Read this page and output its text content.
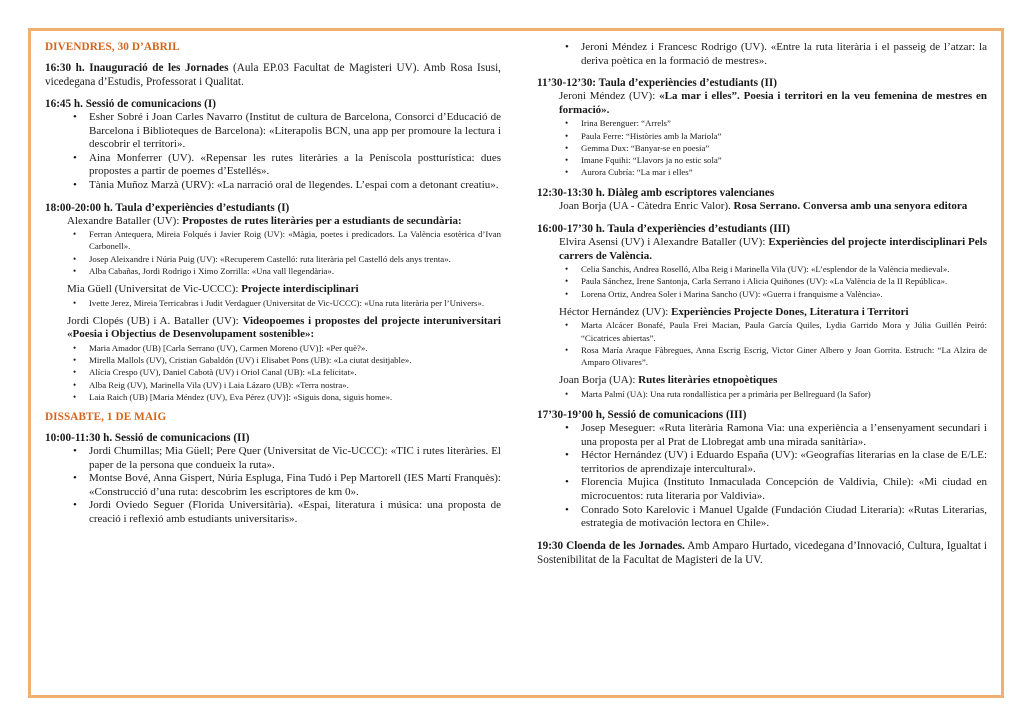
DIVENDRES, 30 D’ABRIL
16:30 h. Inauguració de les Jornades (Aula EP.03 Facultat de Magisteri UV). Amb Rosa Isusi, vicedegana d’Estudis, Professorat i Qualitat.
16:45 h. Sessió de comunicacions (I)
• Esher Sobré i Joan Carles Navarro (Institut de cultura de Barcelona, Consorci d’Educació de Barcelona i Biblioteques de Barcelona): «Literapolis BCN, una app per promoure la lectura i descobrir el territori».
• Aina Monferrer (UV). «Repensar les rutes literàries a la Peníscola postturística: dues propostes a partir de poemes d’Estellés».
• Tània Muñoz Marzà (URV): «La narració oral de llegendes. L’espai com a detonant creatiu».
18:00-20:00 h. Taula d’experiències d’estudiants (I)
Alexandre Bataller (UV): Propostes de rutes literàries per a estudiants de secundària:
• Ferran Antequera, Mireia Folqués i Javier Roig (UV): «Màgia, poetes i predicadors. La València esotèrica d’Ivan Carbonell».
• Josep Aleixandre i Núria Puig (UV): «Recuperem Castelló: ruta literària pel Castelló dels anys trenta».
• Alba Cabañas, Jordi Rodrigo i Ximo Zorrilla: «Una vall llegendària».
Mia Güell (Universitat de Vic-UCCC): Projecte interdisciplinari
• Ivette Jerez, Mireia Terricabras i Judit Verdaguer (Universitat de Vic-UCCC): «Una ruta literària per l’Univers».
Jordi Clopés (UB) i A. Bataller (UV): Videopoemes i propostes del projecte interuniversitari «Poesia i Objectius de Desenvolupament sostenible»:
• Maria Amador (UB) [Carla Serrano (UV), Carmen Moreno (UV)]: «Per què?».
• Mirella Mallols (UV), Cristian Gabaldón (UV) i Elisabet Pons (UB): «La ciutat desitjable».
• Alícia Crespo (UV), Daniel Cabotà (UV) i Oriol Canal (UB): «La felicitat».
• Alba Reig (UV), Marinella Vila (UV) i Laia Lázaro (UB): «Terra nostra».
• Laia Raich (UB) [Maria Méndez (UV), Eva Pérez (UV)]: «Siguis dona, siguis home».
DISSABTE, 1 DE MAIG
10:00-11:30 h. Sessió de comunicacions (II)
• Jordi Chumillas; Mia Güell; Pere Quer (Universitat de Vic-UCCC): «TIC i rutes literàries. El paper de la persona que condueix la ruta».
• Montse Bové, Anna Gispert, Núria Espluga, Fina Tudó i Pep Martorell (IES Martí Franquès): «Construcció d’una ruta: descobrim les escriptores de km 0».
• Jordi Oviedo Seguer (Florida Universitària). «Espai, literatura i música: una proposta de creació i reflexió amb estudiants universitaris».
• Jeroni Méndez i Francesc Rodrigo (UV). «Entre la ruta literària i el passeig de l’atzar: la deriva poètica en la formació de mestres».
11’30-12’30: Taula d’experiències d’estudiants (II)
Jeroni Méndez (UV): «La mar i elles”. Poesia i territori en la veu femenina de mestres en formació».
• Irina Berenguer: “Arrels”
• Paula Ferre: “Històries amb la Mariola”
• Gemma Dux: “Banyar-se en poesia”
• Imane Fquihi: “Llavors ja no estic sola”
• Aurora Cubría: “La mar i elles”
12:30-13:30 h. Diàleg amb escriptores valencianes
Joan Borja (UA - Càtedra Enric Valor). Rosa Serrano. Conversa amb una senyora editora
16:00-17’30 h. Taula d’experiències d’estudiants (III)
Elvira Asensi (UV) i Alexandre Bataller (UV): Experiències del projecte interdisciplinari Pels carrers de València.
• Celia Sanchis, Andrea Roselló, Alba Reig i Marinella Vila (UV): «L’esplendor de la València medieval».
• Paula Sánchez, Irene Santonja, Carla Serrano i Alicia Quiñones (UV): «La València de la II República».
• Lorena Ortiz, Andrea Soler i Marina Sancho (UV): «Guerra i franquisme a València».
Héctor Hernández (UV): Experiències Projecte Dones, Literatura i Territori
• Marta Alcácer Bonafé, Paula Frei Macian, Paula García Quiles, Lydia Garrido Mora y Júlia Guillén Peiró: “Cicatrices abiertas”.
• Rosa María Araque Fàbregues, Anna Escrig Escrig, Victor Giner Albero y Joan Gorrita. Estruch: “La Alzira de Amparo Olivares”.
Joan Borja (UA): Rutes literàries etnopoètiques
• Marta Palmí (UA): Una ruta rondallística per a primària per Bellreguard (la Safor)
17’30-19’00 h, Sessió de comunicacions (III)
• Josep Meseguer: «Ruta literària Ramona Via: una experiència a l’ensenyament secundari i una proposta per al Prat de Llobregat amb una mirada sanitària».
• Héctor Hernández (UV) i Eduardo España (UV): «Geografías literarias en la clase de E/LE: territorios de aprendizaje intercultural».
• Florencia Mujica (Instituto Inmaculada Concepción de Valdivia, Chile): «Mi ciudad en microcuentos: ruta literaria por Valdivia».
• Conrado Soto Karelovic i Manuel Ugalde (Fundación Ciudad Literaria): «Rutas Literarias, estrategia de motivación lectora en Chile».
19:30 Cloenda de les Jornades. Amb Amparo Hurtado, vicedegana d’Innovació, Cultura, Igualtat i Sostenibilitat de la Facultat de Magisteri de la UV.
